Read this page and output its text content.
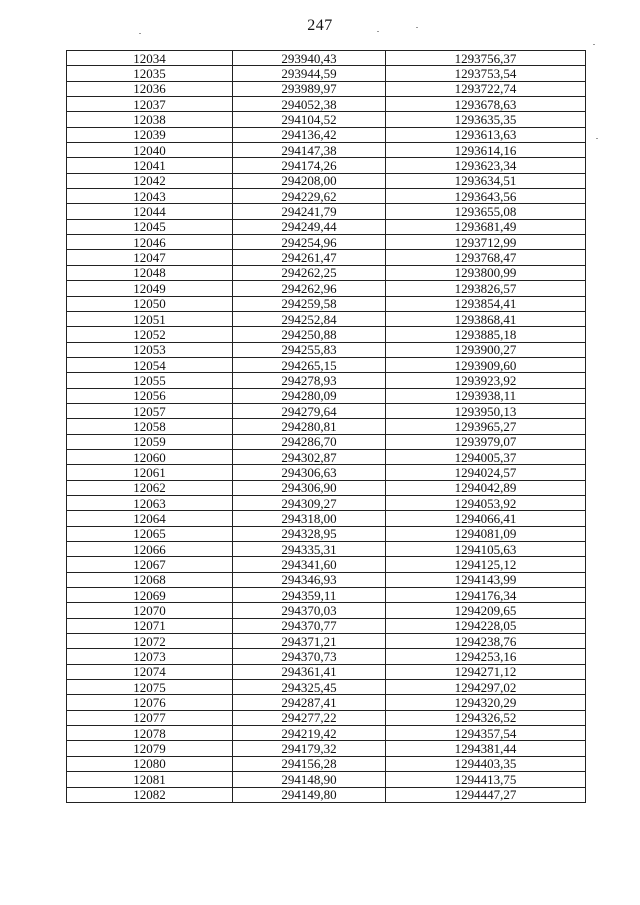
247
12034	293940,43	1293756,37
12035	293944,59	1293753,54
12036	293989,97	1293722,74
12037	294052,38	1293678,63
12038	294104,52	1293635,35
12039	294136,42	1293613,63
12040	294147,38	1293614,16
12041	294174,26	1293623,34
12042	294208,00	1293634,51
12043	294229,62	1293643,56
12044	294241,79	1293655,08
12045	294249,44	1293681,49
12046	294254,96	1293712,99
12047	294261,47	1293768,47
12048	294262,25	1293800,99
12049	294262,96	1293826,57
12050	294259,58	1293854,41
12051	294252,84	1293868,41
12052	294250,88	1293885,18
12053	294255,83	1293900,27
12054	294265,15	1293909,60
12055	294278,93	1293923,92
12056	294280,09	1293938,11
12057	294279,64	1293950,13
12058	294280,81	1293965,27
12059	294286,70	1293979,07
12060	294302,87	1294005,37
12061	294306,63	1294024,57
12062	294306,90	1294042,89
12063	294309,27	1294053,92
12064	294318,00	1294066,41
12065	294328,95	1294081,09
12066	294335,31	1294105,63
12067	294341,60	1294125,12
12068	294346,93	1294143,99
12069	294359,11	1294176,34
12070	294370,03	1294209,65
12071	294370,77	1294228,05
12072	294371,21	1294238,76
12073	294370,73	1294253,16
12074	294361,41	1294271,12
12075	294325,45	1294297,02
12076	294287,41	1294320,29
12077	294277,22	1294326,52
12078	294219,42	1294357,54
12079	294179,32	1294381,44
12080	294156,28	1294403,35
12081	294148,90	1294413,75
12082	294149,80	1294447,27
